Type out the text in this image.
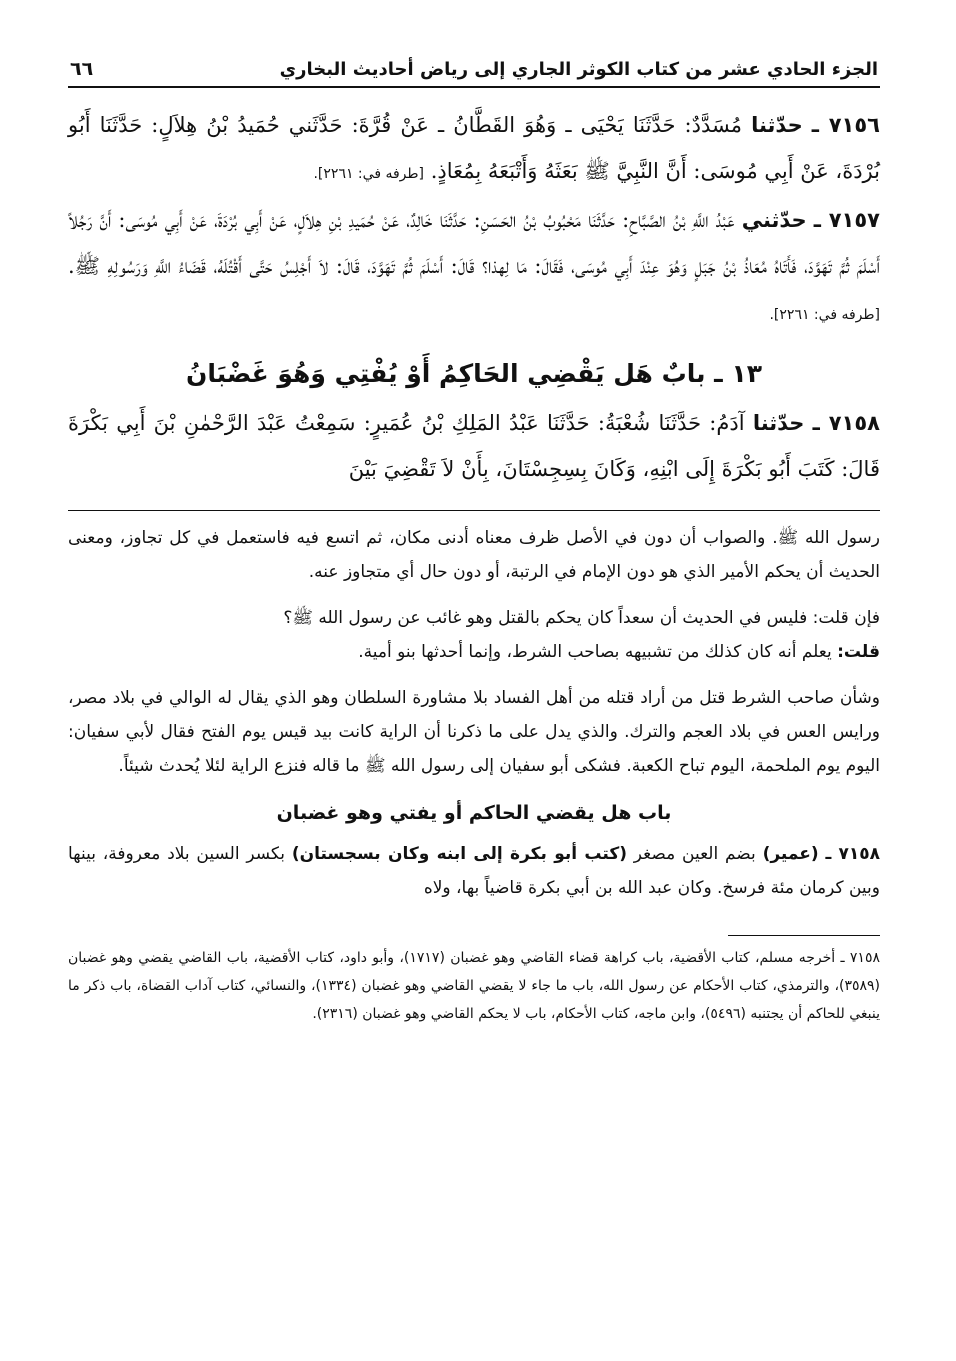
الجزء الحادي عشر من كتاب الكوثر الجاري إلى رياض أحاديث البخاري
٦٦

٧١٥٦ ـ حدّثنا مُسَدَّدٌ: حَدَّثَنَا يَحْيَى ـ وَهُوَ القَطَّانُ ـ عَنْ قُرَّةَ: حَدَّثَني حُمَيدُ بْنُ هِلاَلٍ: حَدَّثَنَا أَبُو بُرْدَةَ، عَنْ أَبِي مُوسَى: أَنَّ النَّبِيَّ ﷺ بَعَثَهُ وَأَتْبَعَهُ بِمُعَاذٍ. [طرفه في: ٢٢٦١].

٧١٥٧ ـ حدّثني عَبْدُ اللَّهِ بْنُ الصَّبَّاحِ: حَدَّثَنَا مَحْبُوبُ بْنُ الحَسَنِ: حَدَّثَنَا خَالِدٌ، عَنْ حُمَيدِ بْنِ هِلاَلٍ، عَنْ أَبِي بُرْدَةَ، عَنْ أَبِي مُوسَى: أَنَّ رَجُلاً أَسْلَمَ ثُمَّ تَهَوَّدَ، فَأَتَاهُ مُعَاذُ بْنُ جَبَلٍ وَهُوَ عِنْدَ أَبِي مُوسَى، فَقَالَ: مَا لِهذا؟ قَالَ: أَسْلَمَ ثُمَّ تَهَوَّدَ، قَالَ: لاَ أَجْلِسُ حَتَّى أَقْتُلَهُ، قَضَاءُ اللَّهِ وَرَسُولِهِ ﷺ. [طرفه في: ٢٢٦١].

١٣ ـ بابٌ هَل يَقْضِي الحَاكِمُ أَوْ يُفْتِي وَهُوَ غَضْبَانُ

٧١٥٨ ـ حدّثنا آدَمُ: حَدَّثَنَا شُعْبَةُ: حَدَّثَنَا عَبْدُ المَلِكِ بْنُ عُمَيرٍ: سَمِعْتُ عَبْدَ الرَّحْمٰنِ بْنَ أَبِي بَكْرَةَ قَالَ: كَتَبَ أَبُو بَكْرَةَ إِلَى ابْنِهِ، وَكَانَ بِسِجِسْتَانَ، بِأَنْ لاَ تَقْضِيَ بَيْنَ

رسول الله ﷺ. والصواب أن دون في الأصل ظرف معناه أدنى مكان، ثم اتسع فيه فاستعمل في كل تجاوز، ومعنى الحديث أن يحكم الأمير الذي هو دون الإمام في الرتبة، أو دون حال أي متجاوز عنه.

فإن قلت: فليس في الحديث أن سعداً كان يحكم بالقتل وهو غائب عن رسول الله ﷺ؟

قلت: يعلم أنه كان كذلك من تشبيهه بصاحب الشرط، وإنما أحدثها بنو أمية.

وشأن صاحب الشرط قتل من أراد قتله من أهل الفساد بلا مشاورة السلطان وهو الذي يقال له الوالي في بلاد مصر، ورايس العس في بلاد العجم والترك. والذي يدل على ما ذكرنا أن الراية كانت بيد قيس يوم الفتح فقال لأبي سفيان: اليوم يوم الملحمة، اليوم تباح الكعبة. فشكى أبو سفيان إلى رسول الله ﷺ ما قاله فنزع الراية لئلا يُحدث شيئاً.

باب هل يقضي الحاكم أو يفتي وهو غضبان

٧١٥٨ ـ (عمير) بضم العين مصغر (كتب أبو بكرة إلى ابنه وكان بسجستان) بكسر السين بلاد معروفة، بينها وبين كرمان مئة فرسخ. وكان عبد الله بن أبي بكرة قاضياً بها، ولاه

٧١٥٨ ـ أخرجه مسلم، كتاب الأقضية، باب كراهة قضاء القاضي وهو غضبان (١٧١٧)، وأبو داود، كتاب الأقضية، باب القاضي يقضي وهو غضبان (٣٥٨٩)، والترمذي، كتاب الأحكام عن رسول الله، باب ما جاء لا يقضي القاضي وهو غضبان (١٣٣٤)، والنسائي، كتاب آداب القضاة، باب ذكر ما ينبغي للحاكم أن يجتنبه (٥٤٩٦)، وابن ماجه، كتاب الأحكام، باب لا يحكم القاضي وهو غضبان (٢٣١٦).
